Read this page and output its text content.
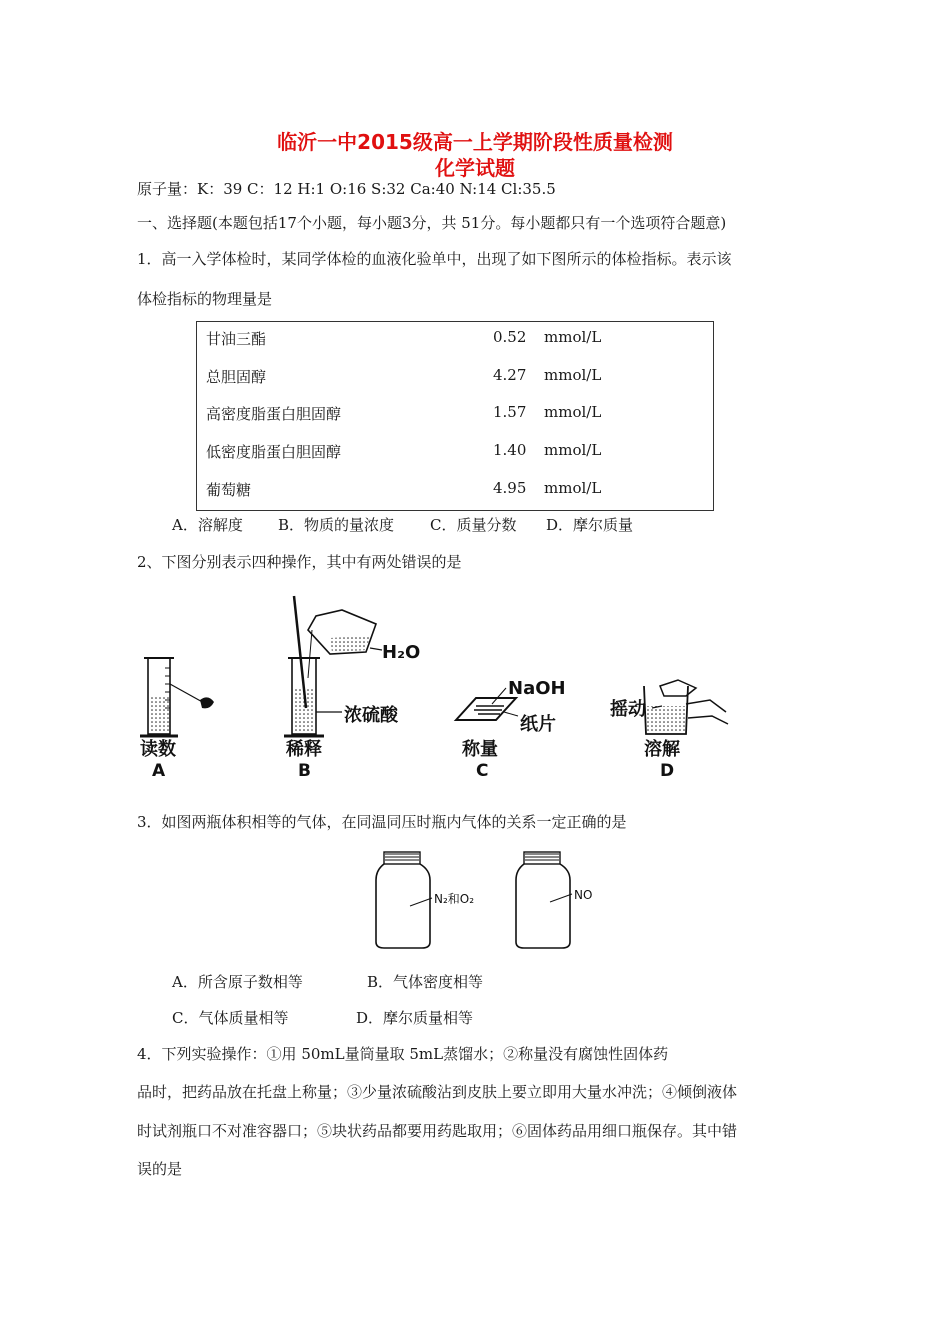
临沂一中2015级高一上学期阶段性质量检测
化学试题
原子量：K：39 C：12 H:1 O:16 S:32 Ca:40 N:14 Cl:35.5
一、选择题(本题包括17个小题，每小题3分，共 51分。每小题都只有一个选项符合题意)
1．高一入学体检时，某同学体检的血液化验单中，出现了如下图所示的体检指标。表示该
体检指标的物理量是
甘油三酯	0.52 mmol/L
总胆固醇	4.27 mmol/L
高密度脂蛋白胆固醇	1.57 mmol/L
低密度脂蛋白胆固醇	1.40 mmol/L
葡萄糖	4.95 mmol/L
A．溶解度 B．物质的量浓度 C．质量分数 D．摩尔质量
2、下图分别表示四种操作，其中有两处错误的是
读数
A
H₂O
浓硫酸
稀释
B
NaOH
纸片
称量
C
摇动
溶解
D
3．如图两瓶体积相等的气体，在同温同压时瓶内气体的关系一定正确的是
N₂和O₂	NO
A．所含原子数相等	B．气体密度相等
C．气体质量相等	D．摩尔质量相等
4．下列实验操作：①用 50mL量筒量取 5mL蒸馏水；②称量没有腐蚀性固体药
品时，把药品放在托盘上称量；③少量浓硫酸沾到皮肤上要立即用大量水冲洗；④倾倒液体
时试剂瓶口不对准容器口；⑤块状药品都要用药匙取用；⑥固体药品用细口瓶保存。其中错
误的是
